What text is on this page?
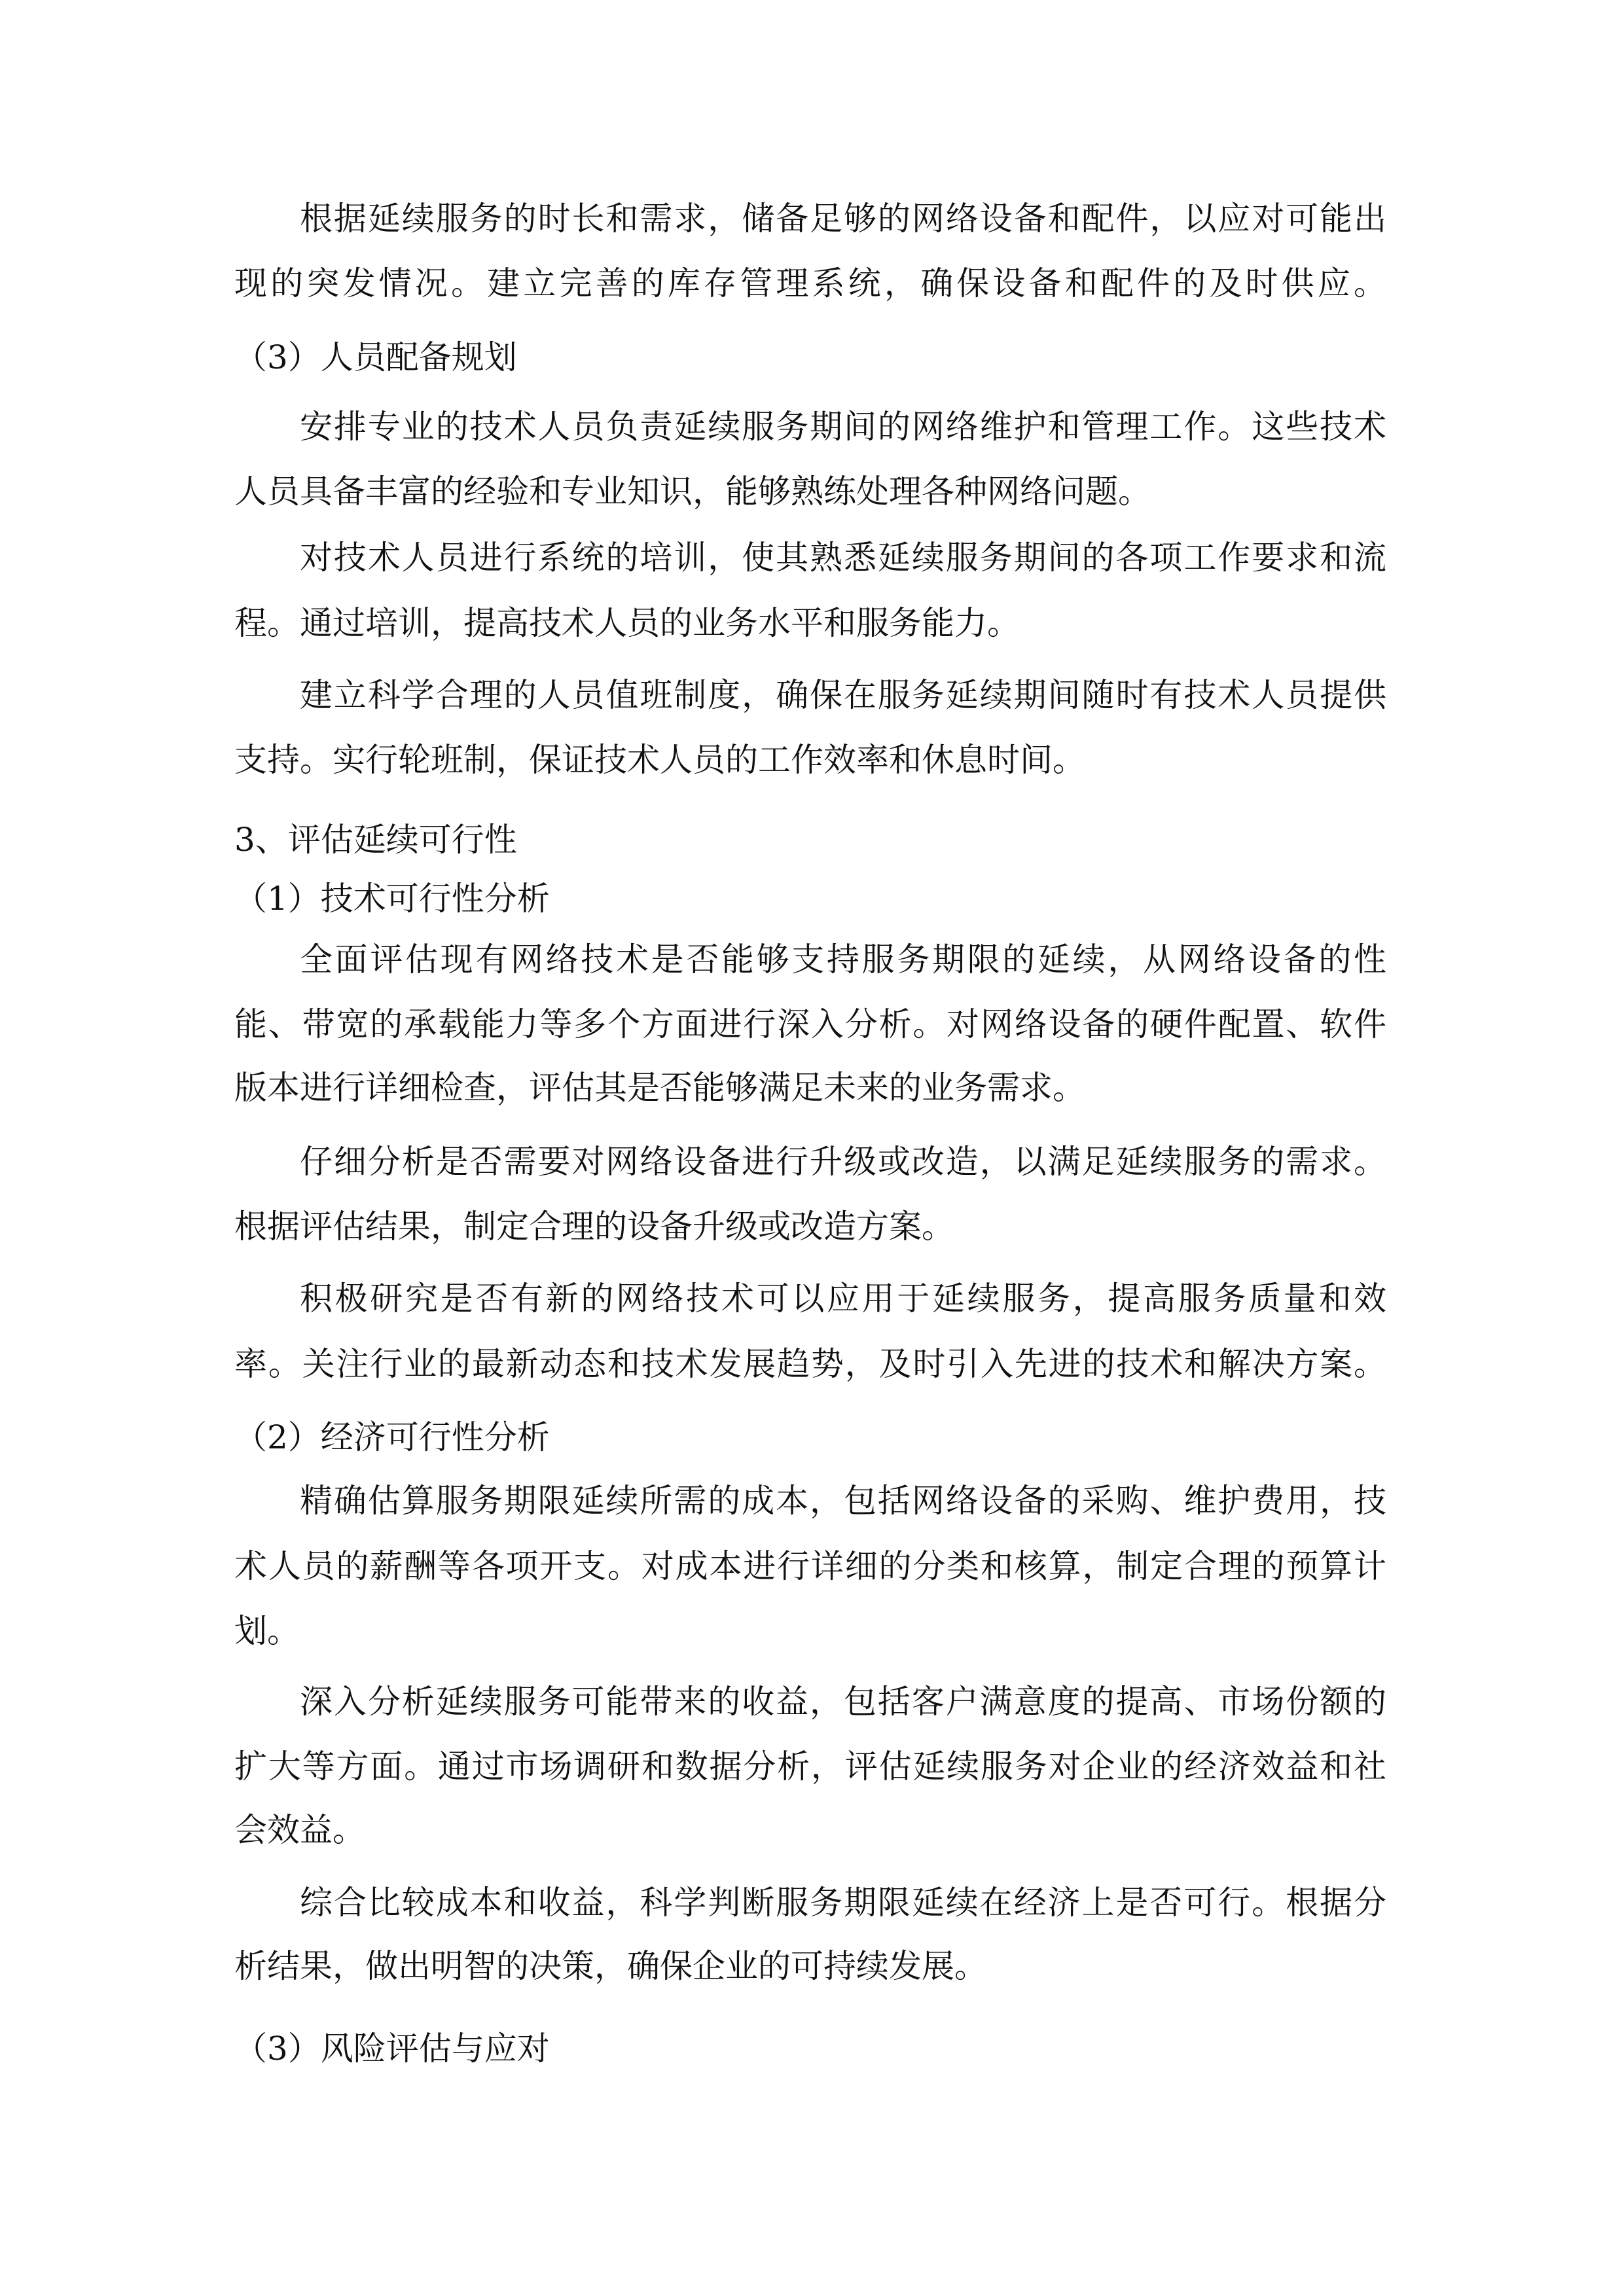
根据延续服务的时长和需求，储备足够的网络设备和配件，以应对可能出
现的突发情况。建立完善的库存管理系统，确保设备和配件的及时供应。
（3）人员配备规划
安排专业的技术人员负责延续服务期间的网络维护和管理工作。这些技术
人员具备丰富的经验和专业知识，能够熟练处理各种网络问题。
对技术人员进行系统的培训，使其熟悉延续服务期间的各项工作要求和流
程。通过培训，提高技术人员的业务水平和服务能力。
建立科学合理的人员值班制度，确保在服务延续期间随时有技术人员提供
支持。实行轮班制，保证技术人员的工作效率和休息时间。
3、评估延续可行性
（1）技术可行性分析
全面评估现有网络技术是否能够支持服务期限的延续，从网络设备的性
能、带宽的承载能力等多个方面进行深入分析。对网络设备的硬件配置、软件
版本进行详细检查，评估其是否能够满足未来的业务需求。
仔细分析是否需要对网络设备进行升级或改造，以满足延续服务的需求。
根据评估结果，制定合理的设备升级或改造方案。
积极研究是否有新的网络技术可以应用于延续服务，提高服务质量和效
率。关注行业的最新动态和技术发展趋势，及时引入先进的技术和解决方案。
（2）经济可行性分析
精确估算服务期限延续所需的成本，包括网络设备的采购、维护费用，技
术人员的薪酬等各项开支。对成本进行详细的分类和核算，制定合理的预算计
划。
深入分析延续服务可能带来的收益，包括客户满意度的提高、市场份额的
扩大等方面。通过市场调研和数据分析，评估延续服务对企业的经济效益和社
会效益。
综合比较成本和收益，科学判断服务期限延续在经济上是否可行。根据分
析结果，做出明智的决策，确保企业的可持续发展。
（3）风险评估与应对
